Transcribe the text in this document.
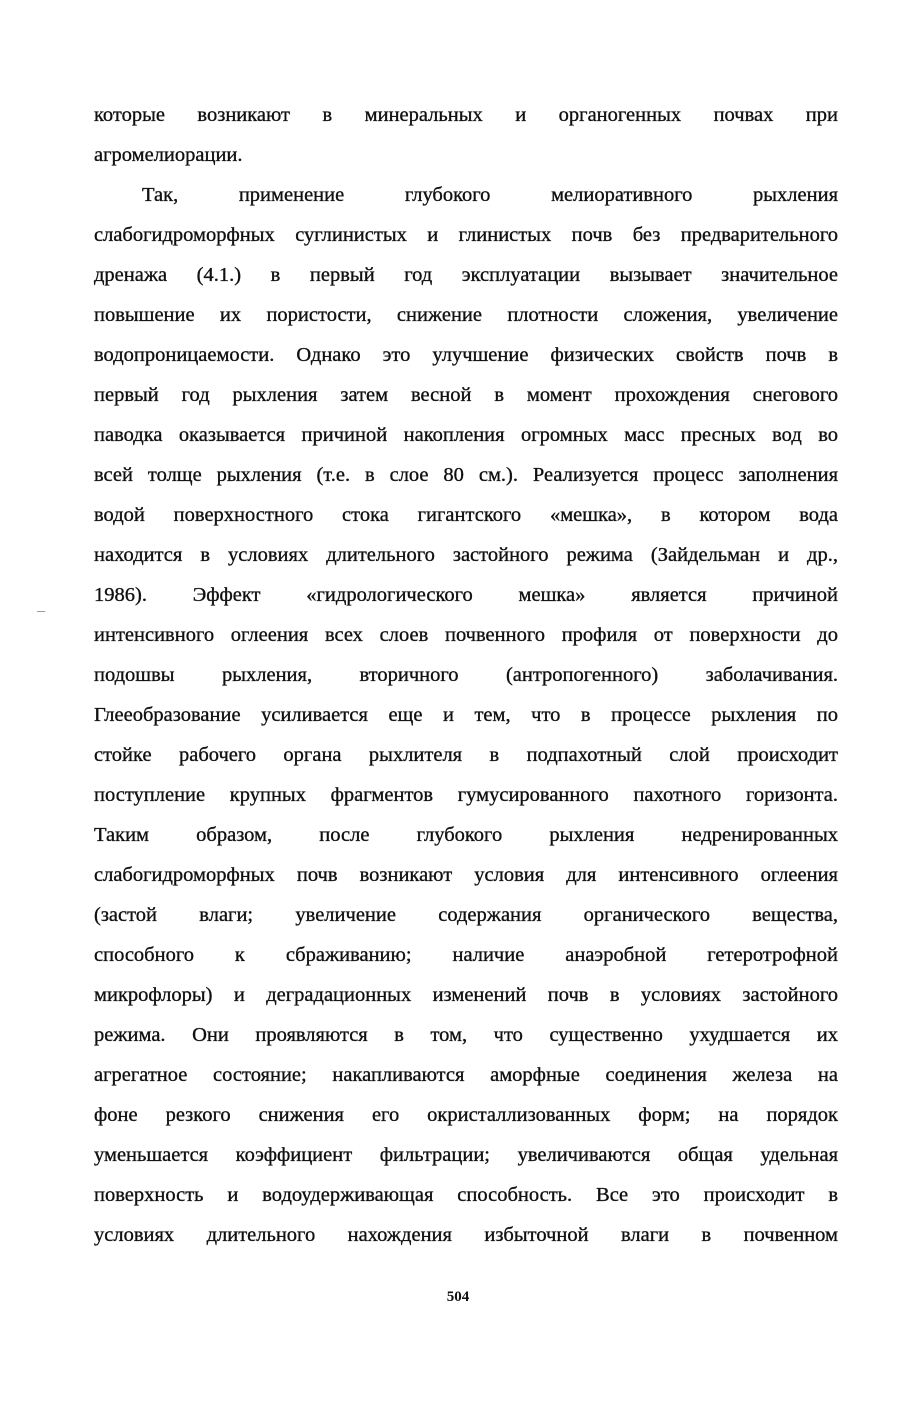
которые возникают в минеральных и органогенных почвах при
агромелиорации.
Так, применение глубокого мелиоративного рыхления
слабогидроморфных суглинистых и глинистых почв без предварительного
дренажа (4.1.) в первый год эксплуатации вызывает значительное
повышение их пористости, снижение плотности сложения, увеличение
водопроницаемости. Однако это улучшение физических свойств почв в
первый год рыхления затем весной в момент прохождения снегового
паводка оказывается причиной накопления огромных масс пресных вод во
всей толще рыхления (т.е. в слое 80 см.). Реализуется процесс заполнения
водой поверхностного стока гигантского «мешка», в котором вода
находится в условиях длительного застойного режима (Зайдельман и др.,
1986). Эффект «гидрологического мешка» является причиной
интенсивного оглеения всех слоев почвенного профиля от поверхности до
подошвы рыхления, вторичного (антропогенного) заболачивания.
Глееобразование усиливается еще и тем, что в процессе рыхления по
стойке рабочего органа рыхлителя в подпахотный слой происходит
поступление крупных фрагментов гумусированного пахотного горизонта.
Таким образом, после глубокого рыхления недренированных
слабогидроморфных почв возникают условия для интенсивного оглеения
(застой влаги; увеличение содержания органического вещества,
способного к сбраживанию; наличие анаэробной гетеротрофной
микрофлоры) и деградационных изменений почв в условиях застойного
режима. Они проявляются в том, что существенно ухудшается их
агрегатное состояние; накапливаются аморфные соединения железа на
фоне резкого снижения его окристаллизованных форм; на порядок
уменьшается коэффициент фильтрации; увеличиваются общая удельная
поверхность и водоудерживающая способность. Все это происходит в
условиях длительного нахождения избыточной влаги в почвенном
504
